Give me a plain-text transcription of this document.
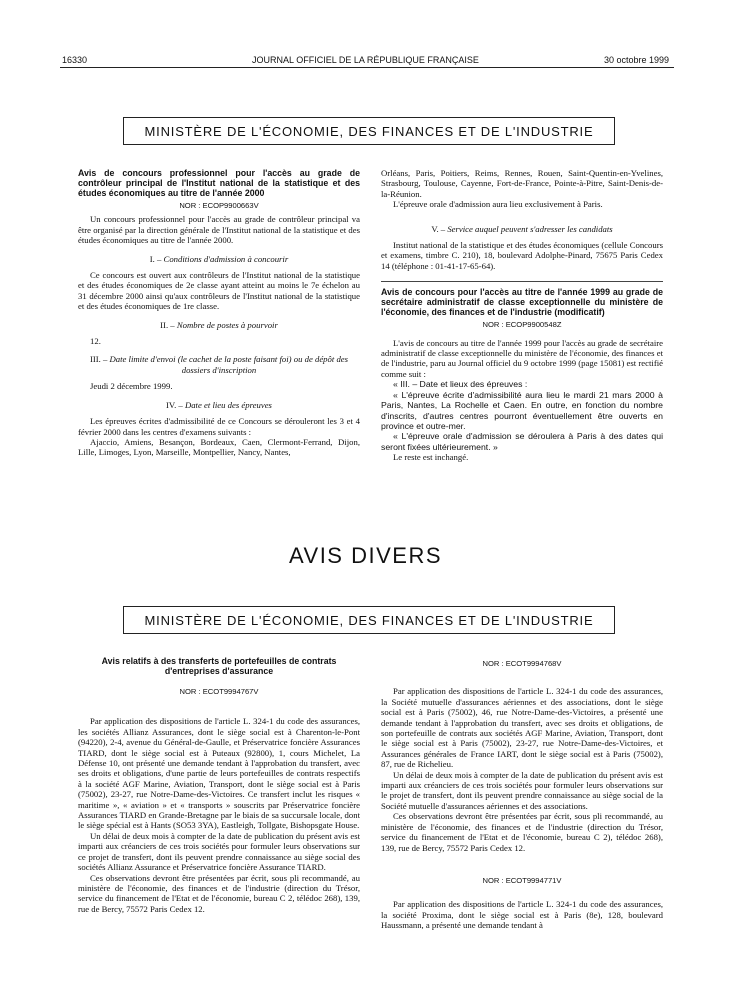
16330	JOURNAL OFFICIEL DE LA RÉPUBLIQUE FRANÇAISE	30 octobre 1999
MINISTÈRE DE L'ÉCONOMIE, DES FINANCES ET DE L'INDUSTRIE

Avis de concours professionnel pour l'accès au grade de contrôleur principal de l'Institut national de la statistique et des études économiques au titre de l'année 2000

NOR : ECOP9900663V

Un concours professionnel pour l'accès au grade de contrôleur principal va être organisé par la direction générale de l'Institut national de la statistique et des études économiques au titre de l'année 2000.

I. – Conditions d'admission à concourir

Ce concours est ouvert aux contrôleurs de l'Institut national de la statistique et des études économiques de 2e classe ayant atteint au moins le 7e échelon au 31 décembre 2000 ainsi qu'aux contrôleurs de l'Institut national de la statistique et des études économiques de 1re classe.

II. – Nombre de postes à pourvoir

12.

III. – Date limite d'envoi (le cachet de la poste faisant foi) ou de dépôt des dossiers d'inscription

Jeudi 2 décembre 1999.

IV. – Date et lieu des épreuves

Les épreuves écrites d'admissibilité de ce Concours se dérouleront les 3 et 4 février 2000 dans les centres d'examens suivants :

Ajaccio, Amiens, Besançon, Bordeaux, Caen, Clermont-Ferrand, Dijon, Lille, Limoges, Lyon, Marseille, Montpellier, Nancy, Nantes,

Orléans, Paris, Poitiers, Reims, Rennes, Rouen, Saint-Quentin-en-Yvelines, Strasbourg, Toulouse, Cayenne, Fort-de-France, Pointe-à-Pitre, Saint-Denis-de-la-Réunion.

L'épreuve orale d'admission aura lieu exclusivement à Paris.

V. – Service auquel peuvent s'adresser les candidats

Institut national de la statistique et des études économiques (cellule Concours et examens, timbre C. 210), 18, boulevard Adolphe-Pinard, 75675 Paris Cedex 14 (téléphone : 01-41-17-65-64).

Avis de concours pour l'accès au titre de l'année 1999 au grade de secrétaire administratif de classe exceptionnelle du ministère de l'économie, des finances et de l'industrie (modificatif)

NOR : ECOP9900548Z

L'avis de concours au titre de l'année 1999 pour l'accès au grade de secrétaire administratif de classe exceptionnelle du ministère de l'économie, des finances et de l'industrie, paru au Journal officiel du 9 octobre 1999 (page 15081) est rectifié comme suit :

« III. – Date et lieux des épreuves :

« L'épreuve écrite d'admissibilité aura lieu le mardi 21 mars 2000 à Paris, Nantes, La Rochelle et Caen. En outre, en fonction du nombre d'inscrits, d'autres centres pourront éventuellement être ouverts en province et outre-mer.

« L'épreuve orale d'admission se déroulera à Paris à des dates qui seront fixées ultérieurement. »

Le reste est inchangé.

AVIS DIVERS
MINISTÈRE DE L'ÉCONOMIE, DES FINANCES ET DE L'INDUSTRIE

Avis relatifs à des transferts de portefeuilles de contrats d'entreprises d'assurance

NOR : ECOT9994767V

Par application des dispositions de l'article L. 324-1 du code des assurances, les sociétés Allianz Assurances, dont le siège social est à Charenton-le-Pont (94220), 2-4, avenue du Général-de-Gaulle, et Préservatrice foncière Assurances TIARD, dont le siège social est à Puteaux (92800), 1, cours Michelet, La Défense 10, ont présenté une demande tendant à l'approbation du transfert, avec ses droits et obligations, d'une partie de leurs portefeuilles de contrats respectifs à la société AGF Marine, Aviation, Transport, dont le siège social est à Paris (75002), 23-27, rue Notre-Dame-des-Victoires. Ce transfert inclut les risques « maritime », « aviation » et « transports » souscrits par Préservatrice foncière Assurances TIARD en Grande-Bretagne par le biais de sa succursale locale, dont le siège spécial est à Hants (SO53 3YA), Eastleigh, Tollgate, Bishopsgate House.

Un délai de deux mois à compter de la date de publication du présent avis est imparti aux créanciers de ces trois sociétés pour formuler leurs observations sur ce projet de transfert, dont ils peuvent prendre connaissance au siège social des sociétés Allianz Assurance et Préservatrice foncière Assurance TIARD.

Ces observations devront être présentées par écrit, sous pli recommandé, au ministère de l'économie, des finances et de l'industrie (direction du Trésor, service du financement de l'Etat et de l'économie, bureau C 2, télédoc 268), 139, rue de Bercy, 75572 Paris Cedex 12.

NOR : ECOT9994768V

Par application des dispositions de l'article L. 324-1 du code des assurances, la Société mutuelle d'assurances aériennes et des associations, dont le siège social est à Paris (75002), 46, rue Notre-Dame-des-Victoires, a présenté une demande tendant à l'approbation du transfert, avec ses droits et obligations, de son portefeuille de contrats aux sociétés AGF Marine, Aviation, Transport, dont le siège social est à Paris (75002), 23-27, rue Notre-Dame-des-Victoires, et Assurances générales de France IART, dont le siège social est à Paris (75002), 87, rue de Richelieu.

Un délai de deux mois à compter de la date de publication du présent avis est imparti aux créanciers de ces trois sociétés pour formuler leurs observations sur le projet de transfert, dont ils peuvent prendre connaissance au siège social de la Société mutuelle d'assurances aériennes et des associations.

Ces observations devront être présentées par écrit, sous pli recommandé, au ministère de l'économie, des finances et de l'industrie (direction du Trésor, service du financement de l'Etat et de l'économie, bureau C 2), télédoc 268), 139, rue de Bercy, 75572 Paris Cedex 12.

NOR : ECOT9994771V

Par application des dispositions de l'article L. 324-1 du code des assurances, la société Proxima, dont le siège social est à Paris (8e), 128, boulevard Haussmann, a présenté une demande tendant à
